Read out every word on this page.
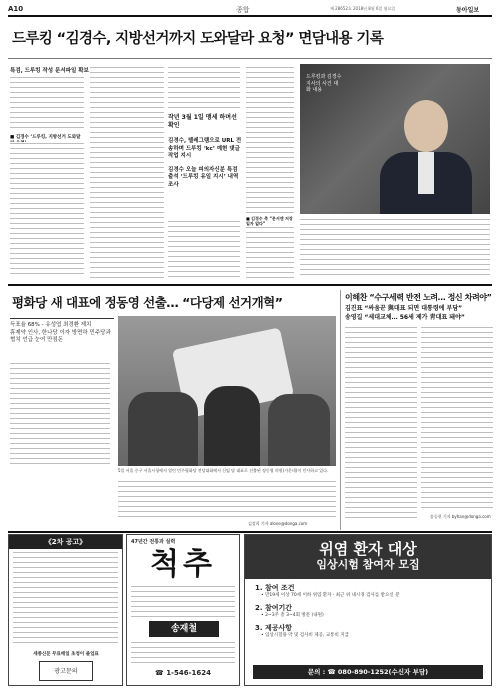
A10	종합	제 28652호 2018년 8월 6일 월요일	동아일보
드루킹 “김경수, 지방선거까지 도와달라 요청” 면담내용 기록
특검, 드루킹 작성 문서파일 확보
■ 김경수 ‘드루킹, 지방선거 도와달
작년 3월 1일 맹세 하며선 확인
김경수, 텔레그램으로 URL 전송하며 드루킹 ‘kc’ 예현 댓글작업 지시
김경수 오늘 피의자신분 특검 출석 ‘드루킹 유일 지시’ 내역 조사
■ 김경수 측 “문서엔 저장일자 없다”
드루킹과 김경수 지사의 사건 대화 내용
평화당 새 대표에 정동영 선출… “다당제 선거개혁”
득표율 68% - 유성엽 최경환 제치
휴제약 인사, 한나당 이자 방면하 민주당과 협치 언급 눈여 만점돈
5일 서울 중구 서울시청에서 열린 민주평화당 전당대회에서 신임 당 대표로 선출된 정동영 의원(가운데)이 인사하고 있다.
김상희 기자 alone@donga.com
이해찬 “수구세력 반전 노려… 정신 차려야”
김진표 “싸움꾼 與대표 되면 대통령에 부담”
송영길 “세대교체… 56세 제가 靑대표 돼야”
송승헌 기자 byhan@donga.com
《2차 공고》
세종신문 무료매일 초청이 졸업표
광고문의
47년간 전통과 실력
척추
송재철
☎ 1-546-1624
위염 환자 대상
임상시험 참여자 모집
1. 참여 조건
• 만19세 이상 70세 이하 위염 환자 · 최근 위 내시경 검사를 받으신 분
2. 참여기간
• 2~3주 총 3~4회 방문 (내원)
3. 제공사항
• 임상시험용 약 및 검사비 제공, 교통비 지급
문의 : ☎ 080-890-1252(수신자 부담)
